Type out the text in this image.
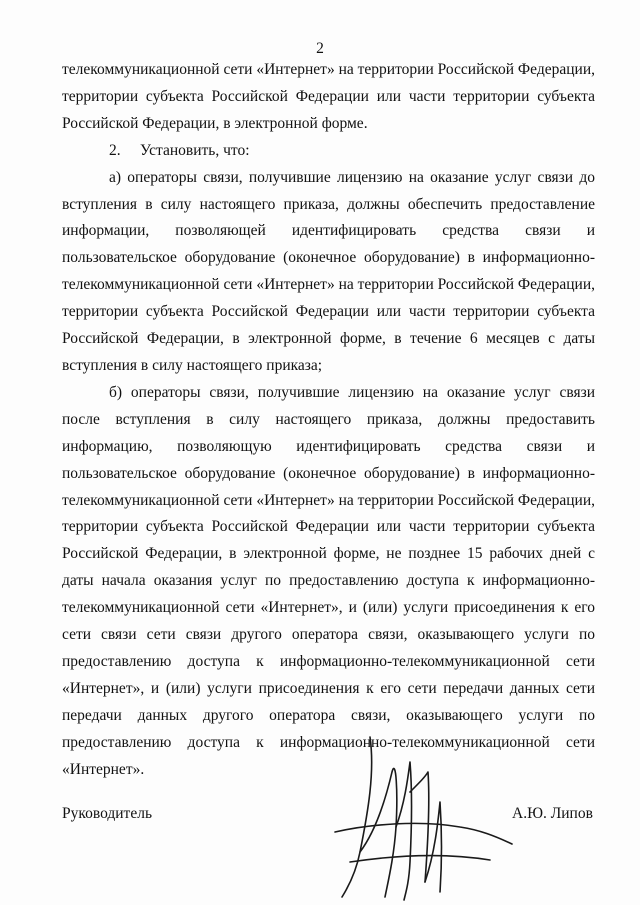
2

телекоммуникационной сети «Интернет» на территории Российской Федерации, территории субъекта Российской Федерации или части территории субъекта Российской Федерации, в электронной форме.

2.     Установить, что:

а) операторы связи, получившие лицензию на оказание услуг связи до вступления в силу настоящего приказа, должны обеспечить предоставление информации, позволяющей идентифицировать средства связи и пользовательское оборудование (оконечное оборудование) в информационно-телекоммуникационной сети «Интернет» на территории Российской Федерации, территории субъекта Российской Федерации или части территории субъекта Российской Федерации, в электронной форме, в течение 6 месяцев с даты вступления в силу настоящего приказа;

б) операторы связи, получившие лицензию на оказание услуг связи после вступления в силу настоящего приказа, должны предоставить информацию, позволяющую идентифицировать средства связи и пользовательское оборудование (оконечное оборудование) в информационно-телекоммуникационной сети «Интернет» на территории Российской Федерации, территории субъекта Российской Федерации или части территории субъекта Российской Федерации, в электронной форме, не позднее 15 рабочих дней с даты начала оказания услуг по предоставлению доступа к информационно-телекоммуникационной сети «Интернет», и (или) услуги присоединения к его сети связи сети связи другого оператора связи, оказывающего услуги по предоставлению доступа к информационно-телекоммуникационной сети «Интернет», и (или) услуги присоединения к его сети передачи данных сети передачи данных другого оператора связи, оказывающего услуги по предоставлению доступа к информационно-телекоммуникационной сети «Интернет».

Руководитель	А.Ю. Липов
